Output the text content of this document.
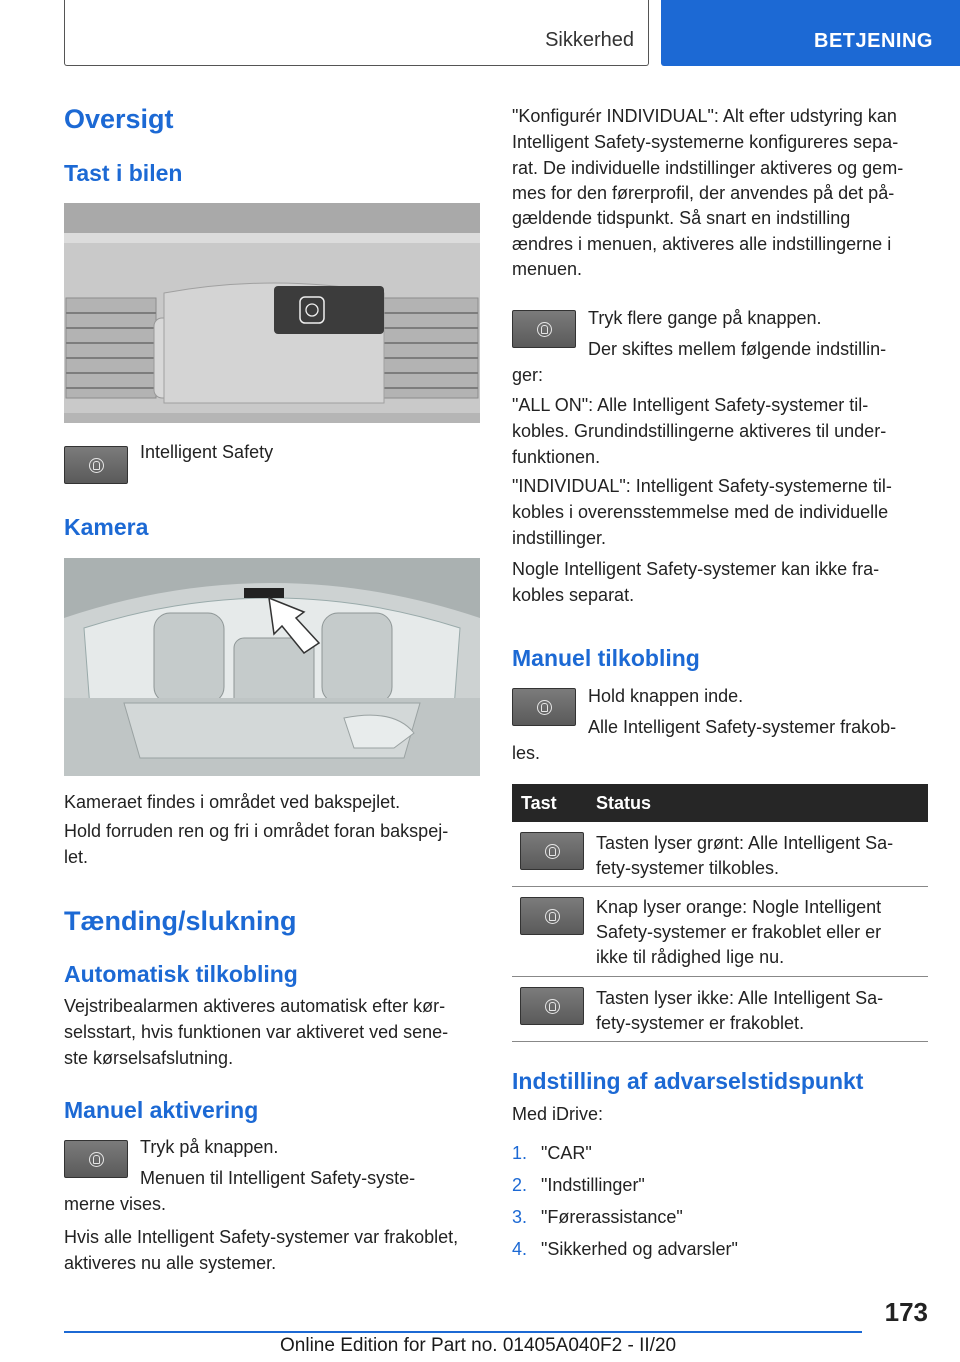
Sikkerhed	BETJENING
Oversigt
Tast i bilen
Intelligent Safety
Kamera
Kameraet findes i området ved bakspejlet.
Hold forruden ren og fri i området foran bakspej-
let.
Tænding/slukning
Automatisk tilkobling
Vejstribealarmen aktiveres automatisk efter kør-
selsstart, hvis funktionen var aktiveret ved sene-
ste kørselsafslutning.
Manuel aktivering
Tryk på knappen.
Menuen til Intelligent Safety-syste-
merne vises.
Hvis alle Intelligent Safety-systemer var frakoblet,
aktiveres nu alle systemer.
"Konfigurér INDIVIDUAL": Alt efter udstyring kan
Intelligent Safety-systemerne konfigureres sepa-
rat. De individuelle indstillinger aktiveres og gem-
mes for den førerprofil, der anvendes på det på-
gældende tidspunkt. Så snart en indstilling
ændres i menuen, aktiveres alle indstillingerne i
menuen.
Tryk flere gange på knappen.
Der skiftes mellem følgende indstillin-
ger:
"ALL ON": Alle Intelligent Safety-systemer til-
kobles. Grundindstillingerne aktiveres til under-
funktionen.
"INDIVIDUAL": Intelligent Safety-systemerne til-
kobles i overensstemmelse med de individuelle
indstillinger.
Nogle Intelligent Safety-systemer kan ikke fra-
kobles separat.
Manuel tilkobling
Hold knappen inde.
Alle Intelligent Safety-systemer frakob-
les.
Tast Status
Tasten lyser grønt: Alle Intelligent Sa-
fety-systemer tilkobles.
Knap lyser orange: Nogle Intelligent
Safety-systemer er frakoblet eller er
ikke til rådighed lige nu.
Tasten lyser ikke: Alle Intelligent Sa-
fety-systemer er frakoblet.
Indstilling af advarselstidspunkt
Med iDrive:
1. "CAR"
2. "Indstillinger"
3. "Førerassistance"
4. "Sikkerhed og advarsler"
173
Online Edition for Part no. 01405A040F2 - II/20
